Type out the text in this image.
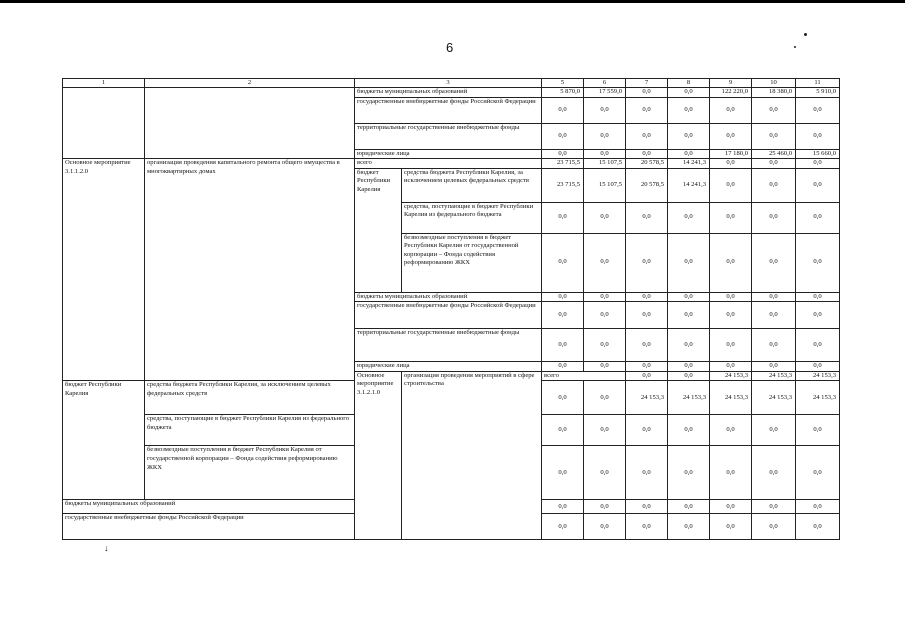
6
1	2	3		5	6	7	8	9	10	11	
		бюджеты муниципальных образований		5 870,0	17 559,0	0,0	0,0	122 220,0	18 380,0	5 910,0	
		государственные внебюджетные фонды Российской Федерации		0,0	0,0	0,0	0,0	0,0	0,0	0,0	
		территориальные государственные внебюджетные фонды		0,0	0,0	0,0	0,0	0,0	0,0	0,0	
		юридические лица		0,0	0,0	0,0	0,0	17 180,0	25 460,0	15 660,0	
Основное мероприятие 3.1.1.2.0	организация проведения капитального ремонта общего имущества в многоквартирных домах	всего		23 715,5	15 107,5	20 578,5	14 241,3	0,0	0,0	0,0	
		бюджет Республики Карелия	средства бюджета Республики Карелия, за исключением целевых федеральных средств	23 715,5	15 107,5	20 578,5	14 241,3	0,0	0,0	0,0	
			средства, поступающие в бюджет Республики Карелия из федерального бюджета	0,0	0,0	0,0	0,0	0,0	0,0	0,0	
			безвозмездные поступления в бюджет Республики Карелия от государственной корпорации – Фонда содействия реформированию ЖКХ	0,0	0,0	0,0	0,0	0,0	0,0	0,0	
		бюджеты муниципальных образований		0,0	0,0	0,0	0,0	0,0	0,0	0,0	
		государственные внебюджетные фонды Российской Федерации		0,0	0,0	0,0	0,0	0,0	0,0	0,0	
		территориальные государственные внебюджетные фонды		0,0	0,0	0,0	0,0	0,0	0,0	0,0	
		юридические лица		0,0	0,0	0,0	0,0	0,0	0,0	0,0	
		Основное мероприятие 3.1.2.1.0	организация проведения мероприятий в сфере строительства	всего		0,0	0,0	24 153,3	24 153,3	24 153,3		
бюджет Республики Карелия	средства бюджета Республики Карелия, за исключением целевых федеральных средств			0,0	0,0	24 153,3	24 153,3	24 153,3	24 153,3	24 153,3	
	средства, поступающие в бюджет Республики Карелия из федерального бюджета			0,0	0,0	0,0	0,0	0,0	0,0	0,0	
	безвозмездные поступления в бюджет Республики Карелия от государственной корпорации – Фонда содействия реформированию ЖКХ			0,0	0,0	0,0	0,0	0,0	0,0	0,0	
бюджеты муниципальных образований				0,0	0,0	0,0	0,0	0,0	0,0	0,0	
государственные внебюджетные фонды Российской Федерации				0,0	0,0	0,0	0,0	0,0	0,0	0,0	
↓
